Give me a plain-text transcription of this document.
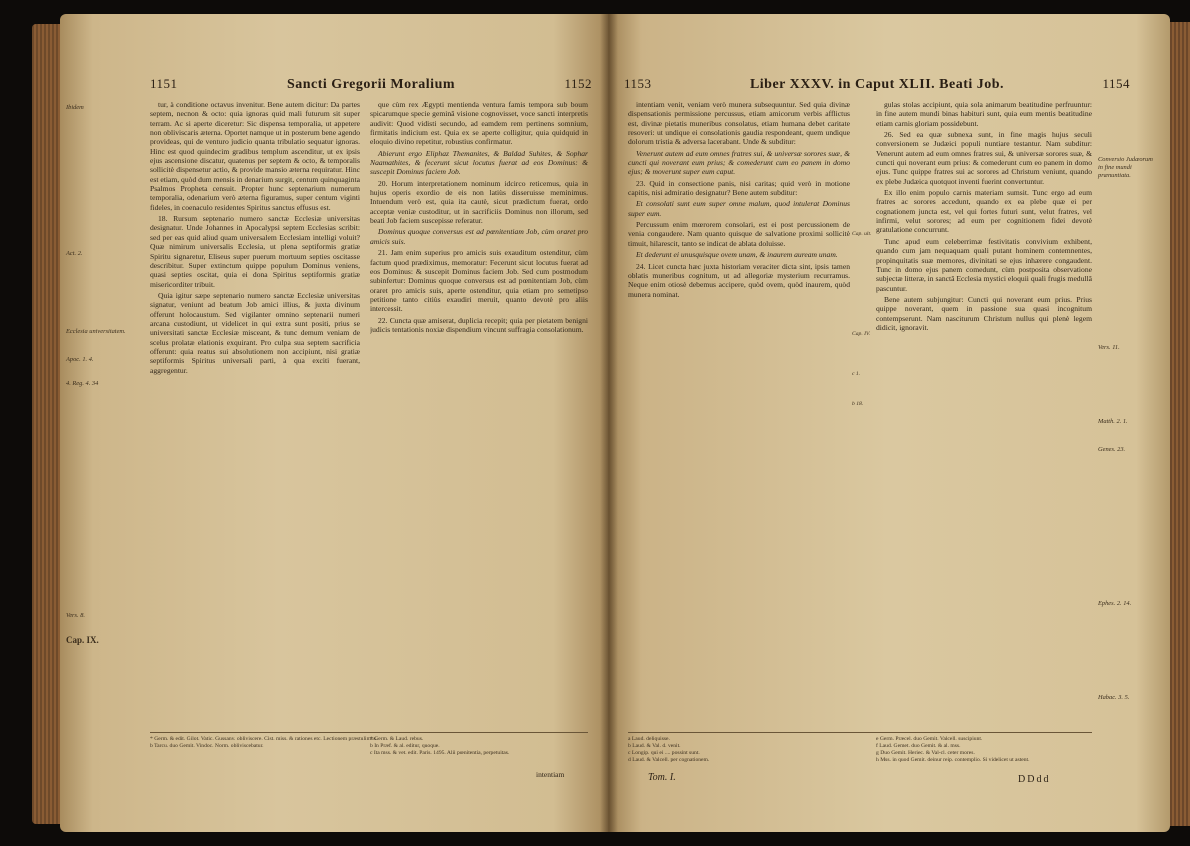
1151	Sancti Gregorii Moralium	1152
Ibidem
Act. 2.
Ecclesia universitatem.
Apoc. 1. 4.
4. Reg. 4. 34
Vers. 8.
Cap. IX.

tur, à conditione octavus invenitur. Bene autem dicitur: Da partes septem, necnon & octo: quia ignoras quid mali futurum sit super terram. Ac si aperte diceretur: Sic dispensa temporalia, ut appetere non obliviscaris æterna. Oportet namque ut in posterum bene agendo provideas, qui de venturo judicio quanta tribulatio sequatur ignoras. Hinc est quod quindecim gradibus templum ascenditur, ut ex ipsis ejus ascensione discatur, quatenus per septem & octo, & temporalis sollicitè dispensetur actio, & provide mansio æterna requiratur. Hinc est etiam, quòd dum mensis in denarium surgit, centum quinquaginta Psalmos Propheta censuit. Propter hunc septenarium numerum temporalia, odenarium verò æterna figuramus, super centum viginti fideles, in coenaculo residentes Spiritus sanctus effusus est.

18. Rursum septenario numero sanctæ Ecclesiæ universitas designatur. Unde Johannes in Apocalypsi septem Ecclesias scribit: sed per eas quid aliud quam universalem Ecclesiam intelligi voluit? Quæ nimirum universalis Ecclesia, ut plena septiformis gratiæ Spiritu signaretur, Eliseus super puerum mortuum septies oscitasse describitur. Super extinctum quippe populum Dominus veniens, quasi septies oscitat, quia ei dona Spiritus septiformis gratiæ misericorditer tribuit.

Quia igitur sæpe septenario numero sanctæ Ecclesiæ universitas signatur, veniunt ad beatum Job amici illius, & juxta divinum offerunt holocaustum. Sed vigilanter omnino septenarii numeri arcana custodiunt, ut videlicet in qui extra sunt positi, prius se universitati sanctæ Ecclesiæ misceant, & tunc demum veniam de scelus prolatæ elationis exquirant. Pro culpa sua septem sacrificia offerunt: quia reatus sui absolutionem non accipiunt, nisi gratiæ septiformis Spiritus universali parti, à qua exciti fuerant, aggregentur.

que cùm rex Ægypti mentienda ventura famis tempora sub boum spicarumque specie geminâ visione cognovisset, voce sancti interpretis audivit: Quod vidisti secundo, ad eamdem rem pertinens somnium, firmitatis indicium est. Quia ex se aperte colligitur, quia quidquid in eloquio divino repetitur, robustius confirmatur.

Abierunt ergo Eliphaz Themanites, & Baldad Suhites, & Sophar Naamathites, & fecerunt sicut locutus fuerat ad eos Dominus: & suscepit Dominus faciem Job.

20. Horum interpretationem nominum idcirco reticemus, quia in hujus operis exordio de eis non latiùs disseruisse meminimus. Intuendum verò est, quia ita cautè, sicut prædictum fuerat, ordo acceptæ veniæ custoditur, ut in sacrificiis Dominus non illorum, sed beati Job faciem suscepisse referatur.

Dominus quoque conversus est ad pœnitentiam Job, cùm oraret pro amicis suis.

21. Jam enim superius pro amicis suis exauditum ostenditur, cùm factum quod prædiximus, memoratur: Fecerunt sicut locutus fuerat ad eos Dominus: & suscepit Dominus faciem Job. Sed cum postmodum subinfertur: Dominus quoque conversus est ad pœnitentiam Job, cùm oraret pro amicis suis, aperte ostenditur, quia etiam pro semetipso petitione tanto citiùs exaudiri meruit, quanto devotè pro aliis intercessit.

22. Cuncta quæ amiserat, duplicia recepit; quia per pietatem benigni judicis tentationis noxiæ dispendium vincunt suffragia consolationum.

* Germ. & edit. Gilot. Vatic. Gussanv. obliviscere. Cist. miss. & rationes etc. Lectionem præstulimus.
b Tarcu. duo Gemit. Vindoc. Norm. obliviscebatur.
* Germ. & Laud. rebus.
b In Præf. & al. editur, quoque.
c Ita mss. & vet. edit. Paris. 1495. Alii pœnitentia, perpetuitas.
intentiam
1153	Liber XXXV. in Caput XLII. Beati Job.	1154

intentiam venit, veniam verò munera subsequuntur. Sed quia divinæ dispensationis permissione percussus, etiam amicorum verbis afflictus est, divinæ pietatis muneribus consolatus, etiam humana debet caritate resoveri: ut undique ei consolationis gaudia respondeant, quem undique dolorum tristia & adversa lacerabant. Unde & subditur:

Venerunt autem ad eum omnes fratres sui, & universæ sorores suæ, & cuncti qui noverant eum prius; & comederunt cum eo panem in domo ejus; & moverunt super eum caput.

23. Quid in consectione panis, nisi caritas; quid verò in motione capitis, nisi admiratio designatur? Bene autem subditur:

Et consolati sunt eum super omne malum, quod intulerat Dominus super eum.

Percussum enim mœrorem consolari, est ei post percussionem de venia congaudere. Nam quanto quisque de salvatione proximi sollicitè timuit, hilarescit, tanto se indicat de ablata doluisse.

Et dederunt ei unusquisque ovem unam, & inaurem auream unam.

24. Licet cuncta hæc juxta historiam veraciter dicta sint, ipsis tamen oblatis muneribus cognitum, ut ad allegoriæ mysterium recurramus. Neque enim otiosè debemus accipere, quòd ovem, quòd inaurem, quòd munera nominat.

Cap. ult.
Cap. IV.
c 1.
b 18.

gulas stolas accipiunt, quia sola animarum beatitudine perfruuntur: in fine autem mundi binas habituri sunt, quia eum mentis beatitudine etiam carnis gloriam possidebunt.

26. Sed ea quæ subnexa sunt, in fine magis hujus seculi conversionem se Judæici populi nuntiare testantur. Nam subditur: Venerunt autem ad eum omnes fratres sui, & universæ sorores suæ, & cuncti qui noverant eum prius: & comederunt cum eo panem in domo ejus. Tunc quippe fratres sui ac sorores ad Christum veniunt, quando ex plebe Judæica quotquot inventi fuerint convertuntur.

Ex illo enim populo carnis materiam sumsit. Tunc ergo ad eum fratres ac sorores accedunt, quando ex ea plebe quæ ei per cognationem juncta est, vel qui fortes futuri sunt, velut fratres, vel infirmi, velut sorores; ad eum per cognitionem fidei devotè gratulatione concurrunt.

Tunc apud eum celeberrimæ festivitatis convivium exhibent, quando cum jam nequaquam quali putant hominem contemnentes, propinquitatis suæ memores, divinitati se ejus inhærere congaudent. Tunc in domo ejus panem comedunt, cùm postposita observatione subjectæ litteræ, in sanctâ Ecclesia mystici eloquii quali frugis medullâ pascuntur.

Bene autem subjungitur: Cuncti qui noverant eum prius. Prius quippe noverant, quem in passione sua quasi incognitum contempserunt. Nam nasciturum Christum nullus qui plenè legem didicit, ignoravit.

Conversio Judæorum in fine mundi prænuntiata.
Vers. 11.
Matth. 2. 1.
Genes. 23.
Ephes. 2. 14.
Habac. 3. 5.
a Laud. deliquisse.
b Laud. & Val. d. venit.
c Longip. qui ei .... possint sunt.
d Laud. & Valcell. per cognationem.
e Germ. Præcel. duo Gemit. Valcell. suscipiunt.
f Laud. Gemet. duo Gemit. & al. mss.
g Duo Gemit. Heriec. & Val-cl. ceter mores.
h Mss. in quod Gemit. deinur reip. contemplio. Si videlicet ut astent.
Tom. I.	DDdd
